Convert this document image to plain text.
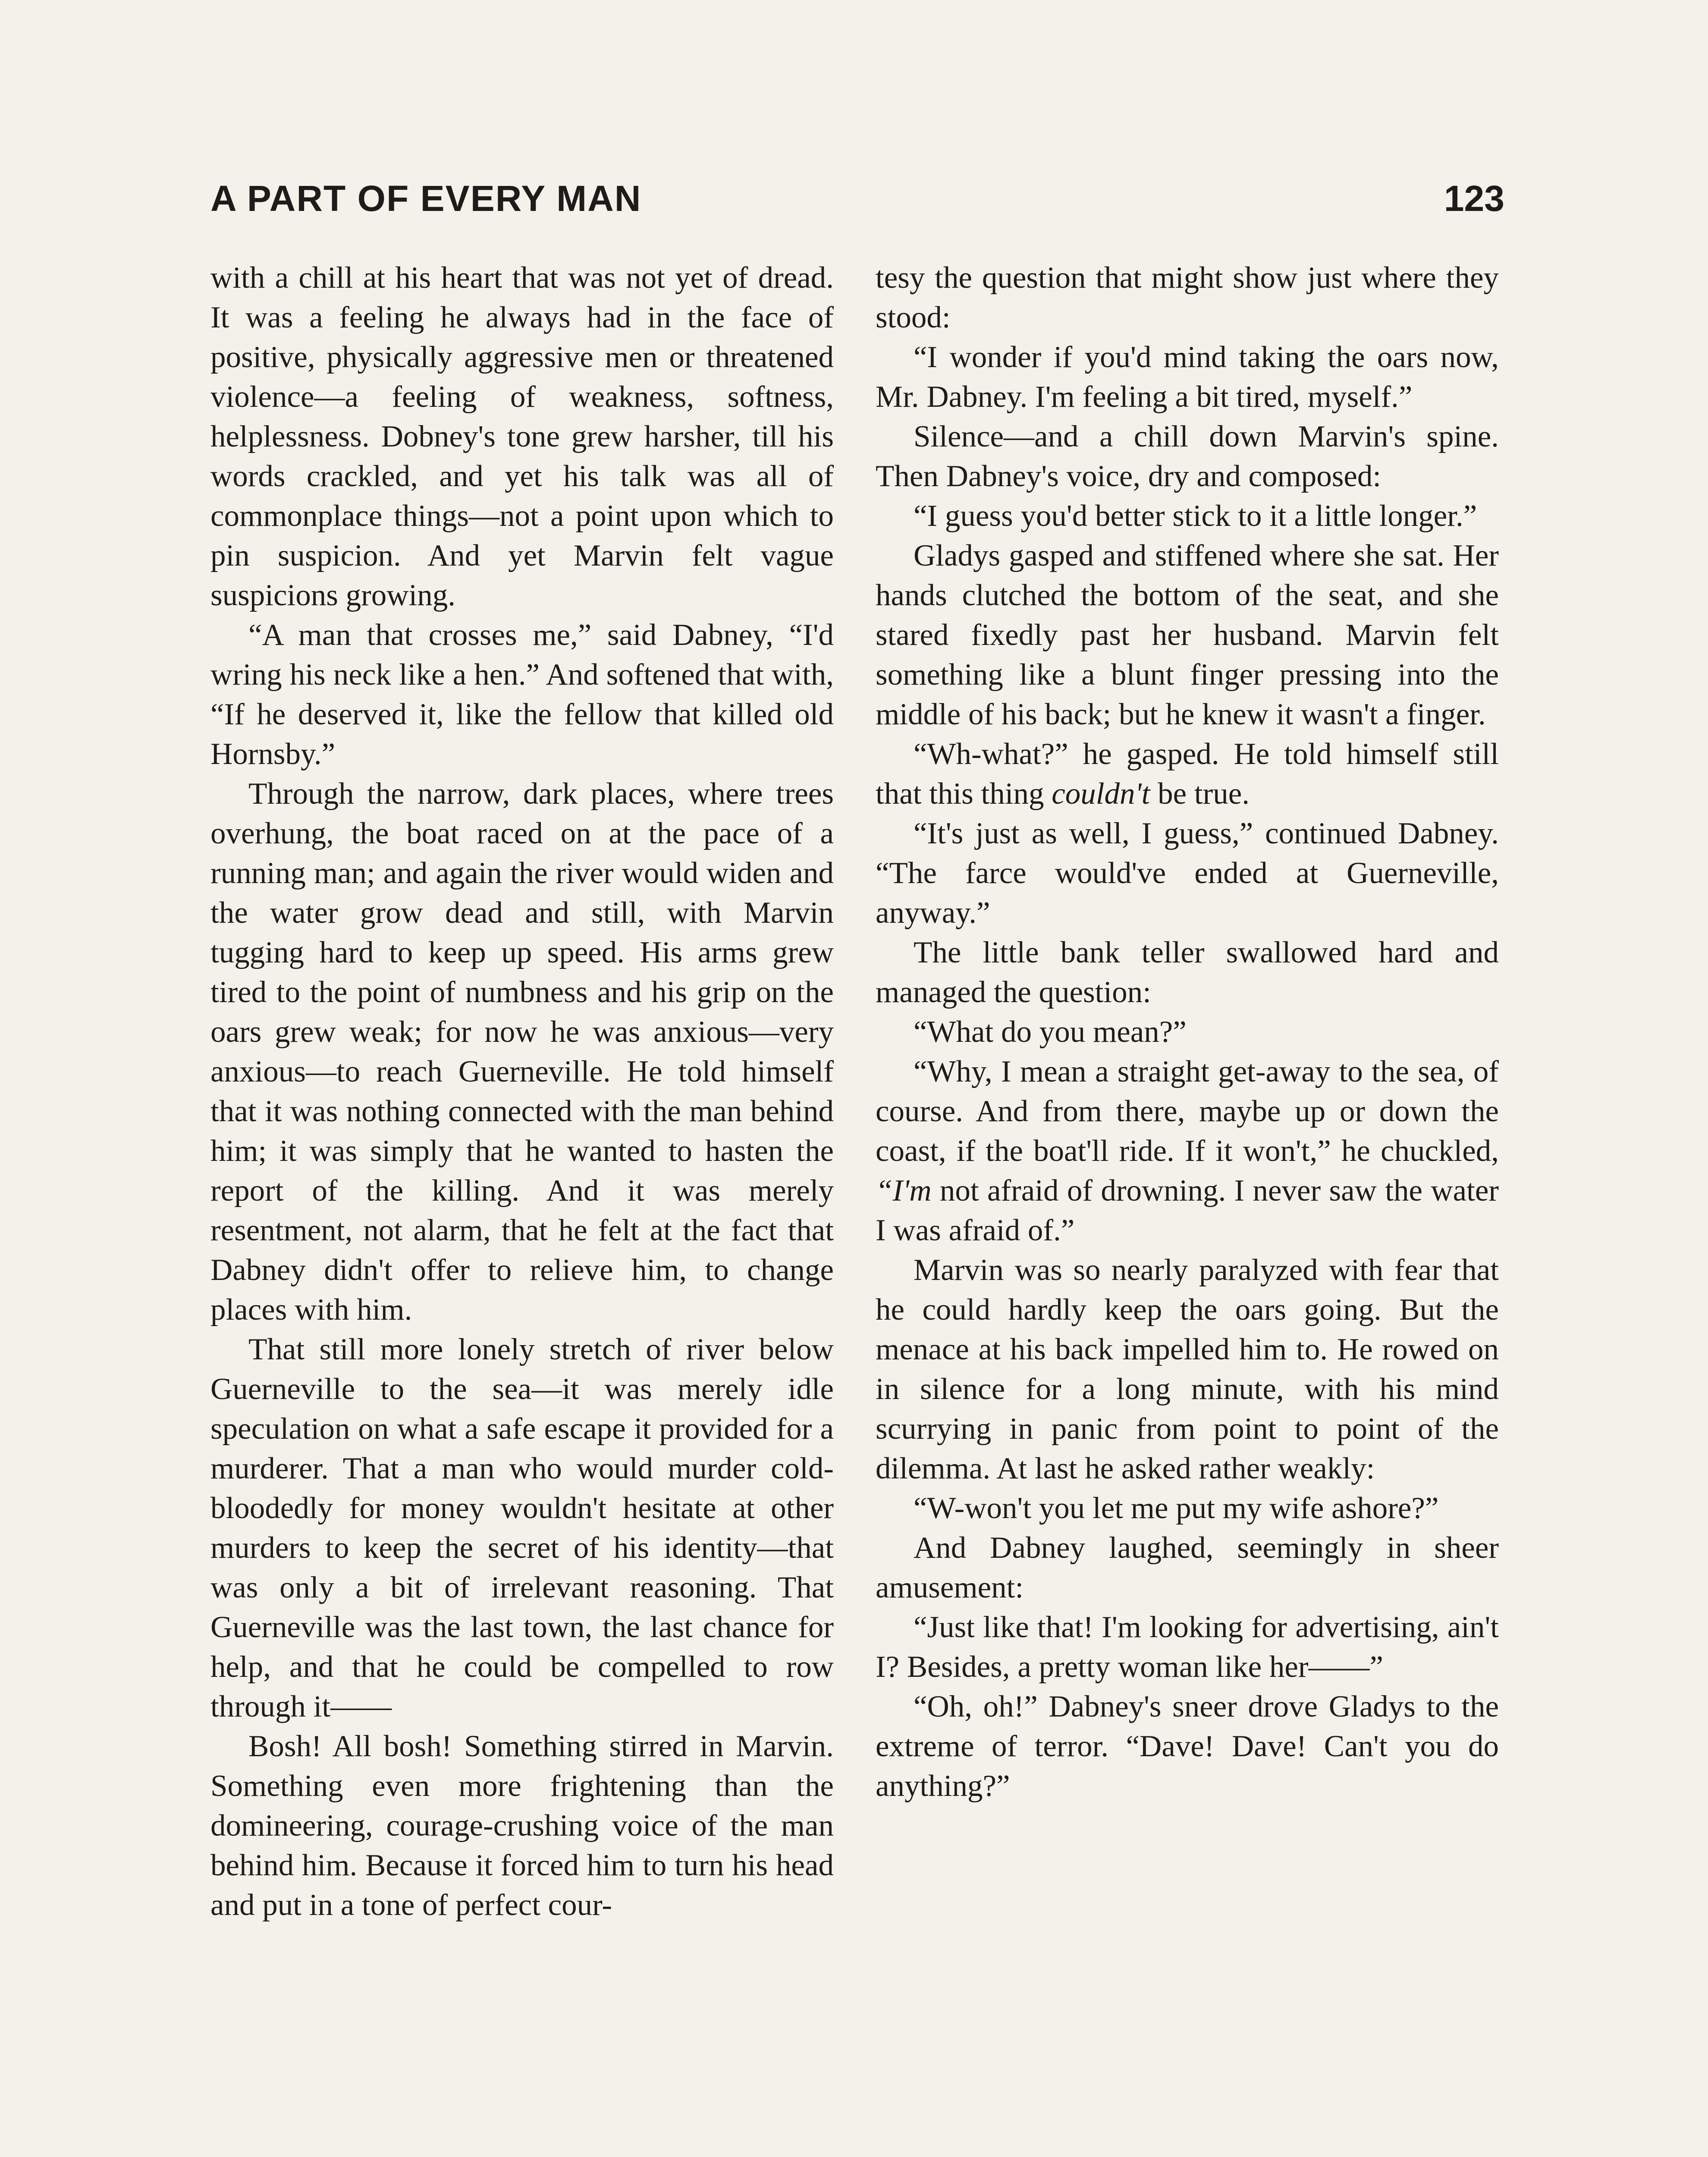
A PART OF EVERY MAN	123

with a chill at his heart that was not yet of dread. It was a feeling he always had in the face of positive, physically aggressive men or threatened violence—a feeling of weakness, softness, helplessness. Dobney's tone grew harsher, till his words crackled, and yet his talk was all of commonplace things—not a point upon which to pin suspicion. And yet Marvin felt vague suspicions growing.

“A man that crosses me,” said Dabney, “I'd wring his neck like a hen.” And softened that with, “If he deserved it, like the fellow that killed old Hornsby.”

Through the narrow, dark places, where trees overhung, the boat raced on at the pace of a running man; and again the river would widen and the water grow dead and still, with Marvin tugging hard to keep up speed. His arms grew tired to the point of numbness and his grip on the oars grew weak; for now he was anxious—very anxious—to reach Guerneville. He told himself that it was nothing connected with the man behind him; it was simply that he wanted to hasten the report of the killing. And it was merely resentment, not alarm, that he felt at the fact that Dabney didn't offer to relieve him, to change places with him.

That still more lonely stretch of river below Guerneville to the sea—it was merely idle speculation on what a safe escape it provided for a murderer. That a man who would murder cold-bloodedly for money wouldn't hesitate at other murders to keep the secret of his identity—that was only a bit of irrelevant reasoning. That Guerneville was the last town, the last chance for help, and that he could be compelled to row through it——

Bosh! All bosh! Something stirred in Marvin. Something even more frightening than the domineering, courage-crushing voice of the man behind him. Because it forced him to turn his head and put in a tone of perfect cour-

tesy the question that might show just where they stood:

“I wonder if you'd mind taking the oars now, Mr. Dabney. I'm feeling a bit tired, myself.”

Silence—and a chill down Marvin's spine. Then Dabney's voice, dry and composed:

“I guess you'd better stick to it a little longer.”

Gladys gasped and stiffened where she sat. Her hands clutched the bottom of the seat, and she stared fixedly past her husband. Marvin felt something like a blunt finger pressing into the middle of his back; but he knew it wasn't a finger.

“Wh-what?” he gasped. He told himself still that this thing couldn't be true.

“It's just as well, I guess,” continued Dabney. “The farce would've ended at Guerneville, anyway.”

The little bank teller swallowed hard and managed the question:

“What do you mean?”

“Why, I mean a straight get-away to the sea, of course. And from there, maybe up or down the coast, if the boat'll ride. If it won't,” he chuckled, “I'm not afraid of drowning. I never saw the water I was afraid of.”

Marvin was so nearly paralyzed with fear that he could hardly keep the oars going. But the menace at his back impelled him to. He rowed on in silence for a long minute, with his mind scurrying in panic from point to point of the dilemma. At last he asked rather weakly:

“W-won't you let me put my wife ashore?”

And Dabney laughed, seemingly in sheer amusement:

“Just like that! I'm looking for advertising, ain't I? Besides, a pretty woman like her——”

“Oh, oh!” Dabney's sneer drove Gladys to the extreme of terror. “Dave! Dave! Can't you do anything?”
